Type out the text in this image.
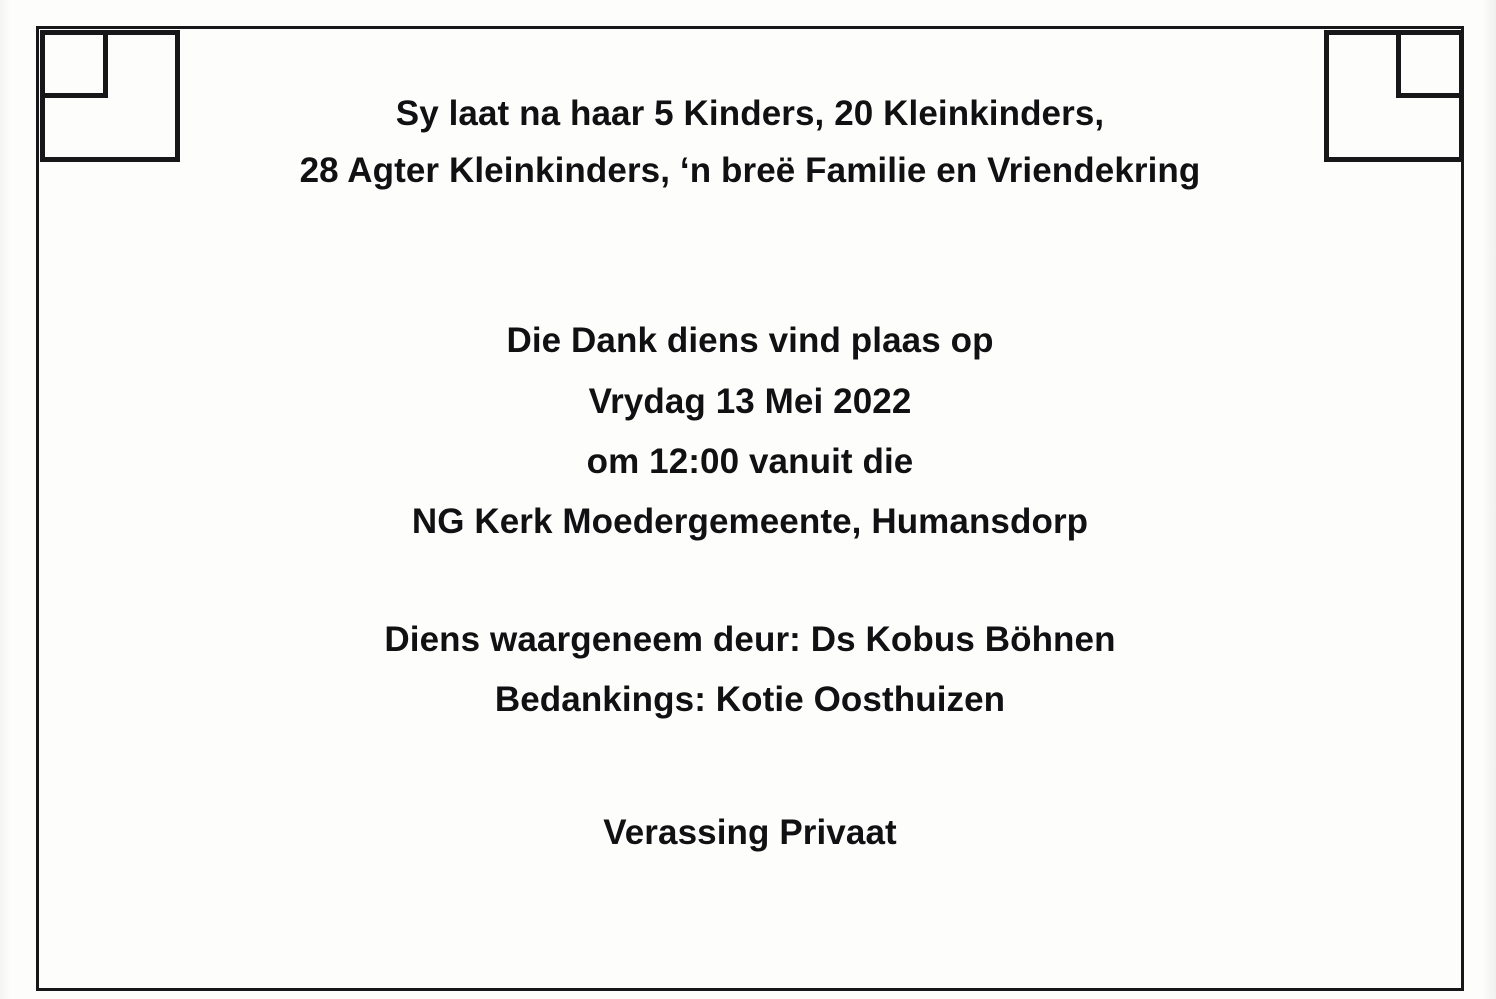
Sy laat na haar 5 Kinders, 20 Kleinkinders,
28 Agter Kleinkinders, ‘n breë Familie en Vriendekring
Die Dank diens vind plaas op
Vrydag 13 Mei 2022
om 12:00 vanuit die
NG Kerk Moedergemeente, Humansdorp
Diens waargeneem deur: Ds Kobus Böhnen
Bedankings: Kotie Oosthuizen
Verassing Privaat
